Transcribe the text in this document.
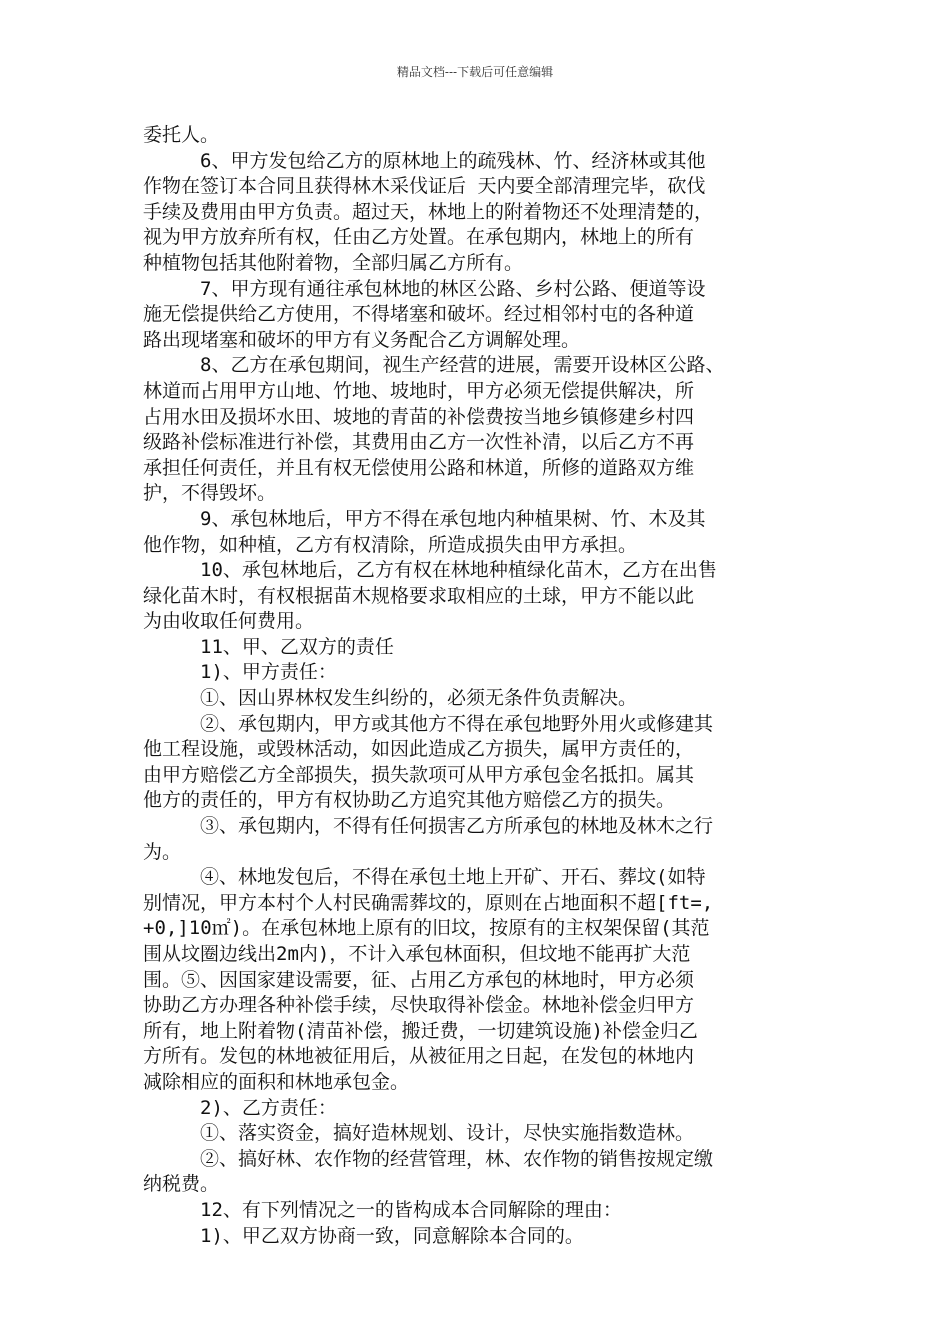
精品文档---下载后可任意编辑
委托人。
6、甲方发包给乙方的原林地上的疏残林、竹、经济林或其他
作物在签订本合同且获得林木采伐证后 天内要全部清理完毕，砍伐
手续及费用由甲方负责。超过天，林地上的附着物还不处理清楚的，
视为甲方放弃所有权，任由乙方处置。在承包期内，林地上的所有
种植物包括其他附着物，全部归属乙方所有。
7、甲方现有通往承包林地的林区公路、乡村公路、便道等设
施无偿提供给乙方使用，不得堵塞和破坏。经过相邻村屯的各种道
路出现堵塞和破坏的甲方有义务配合乙方调解处理。
8、乙方在承包期间，视生产经营的进展，需要开设林区公路、
林道而占用甲方山地、竹地、坡地时，甲方必须无偿提供解决，所
占用水田及损坏水田、坡地的青苗的补偿费按当地乡镇修建乡村四
级路补偿标准进行补偿，其费用由乙方一次性补清，以后乙方不再
承担任何责任，并且有权无偿使用公路和林道，所修的道路双方维
护，不得毁坏。
9、承包林地后，甲方不得在承包地内种植果树、竹、木及其
他作物，如种植，乙方有权清除，所造成损失由甲方承担。
10、承包林地后，乙方有权在林地种植绿化苗木，乙方在出售
绿化苗木时，有权根据苗木规格要求取相应的土球，甲方不能以此
为由收取任何费用。
11、甲、乙双方的责任
1)、甲方责任：
①、因山界林权发生纠纷的，必须无条件负责解决。
②、承包期内，甲方或其他方不得在承包地野外用火或修建其
他工程设施，或毁林活动，如因此造成乙方损失，属甲方责任的，
由甲方赔偿乙方全部损失，损失款项可从甲方承包金名抵扣。属其
他方的责任的，甲方有权协助乙方追究其他方赔偿乙方的损失。
③、承包期内，不得有任何损害乙方所承包的林地及林木之行
为。
④、林地发包后，不得在承包土地上开矿、开石、葬坟(如特
别情况，甲方本村个人村民确需葬坟的，原则在占地面积不超[ft=,
+0,]10㎡)。在承包林地上原有的旧坟，按原有的主权架保留(其范
围从坟圈边线出2m内)，不计入承包林面积，但坟地不能再扩大范
围。⑤、因国家建设需要，征、占用乙方承包的林地时，甲方必须
协助乙方办理各种补偿手续，尽快取得补偿金。林地补偿金归甲方
所有，地上附着物(清苗补偿，搬迁费，一切建筑设施)补偿金归乙
方所有。发包的林地被征用后，从被征用之日起，在发包的林地内
减除相应的面积和林地承包金。
2)、乙方责任：
①、落实资金，搞好造林规划、设计，尽快实施指数造林。
②、搞好林、农作物的经营管理，林、农作物的销售按规定缴
纳税费。
12、有下列情况之一的皆构成本合同解除的理由：
1)、甲乙双方协商一致，同意解除本合同的。
